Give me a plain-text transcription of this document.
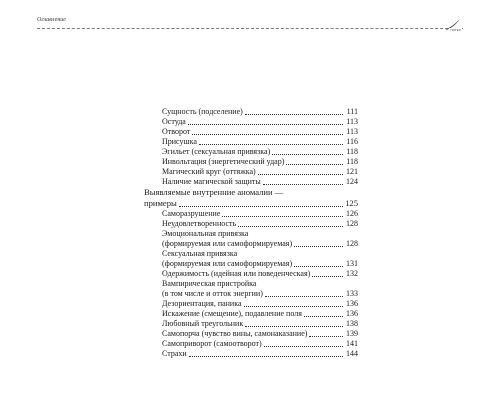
Оглавление
ПИТЕР
Сущность (подселение)	111
Остуда	113
Отворот	113
Присушка	116
Эгильет (сексуальная привязка)	118
Инвольтация (энергетический удар)	118
Магический круг (оттяжка)	121
Наличие магической защиты	124
Выявляемые внутренние аномалии —
примеры	125
Саморазрушение	126
Неудовлетворенность	128
Эмоциональная привязка
(формируемая или самоформируемая)	128
Сексуальная привязка
(формируемая или самоформируемая)	131
Одержимость (идейная или поведенческая)	132
Вампирическая пристройка
(в том числе и отток энергии)	133
Дезориентация, паника	136
Искажение (смещение), подавление поля	136
Любовный треугольник	138
Самопорча (чувство вины, самонаказание)	139
Самоприворот (самоотворот)	141
Страхи	144
